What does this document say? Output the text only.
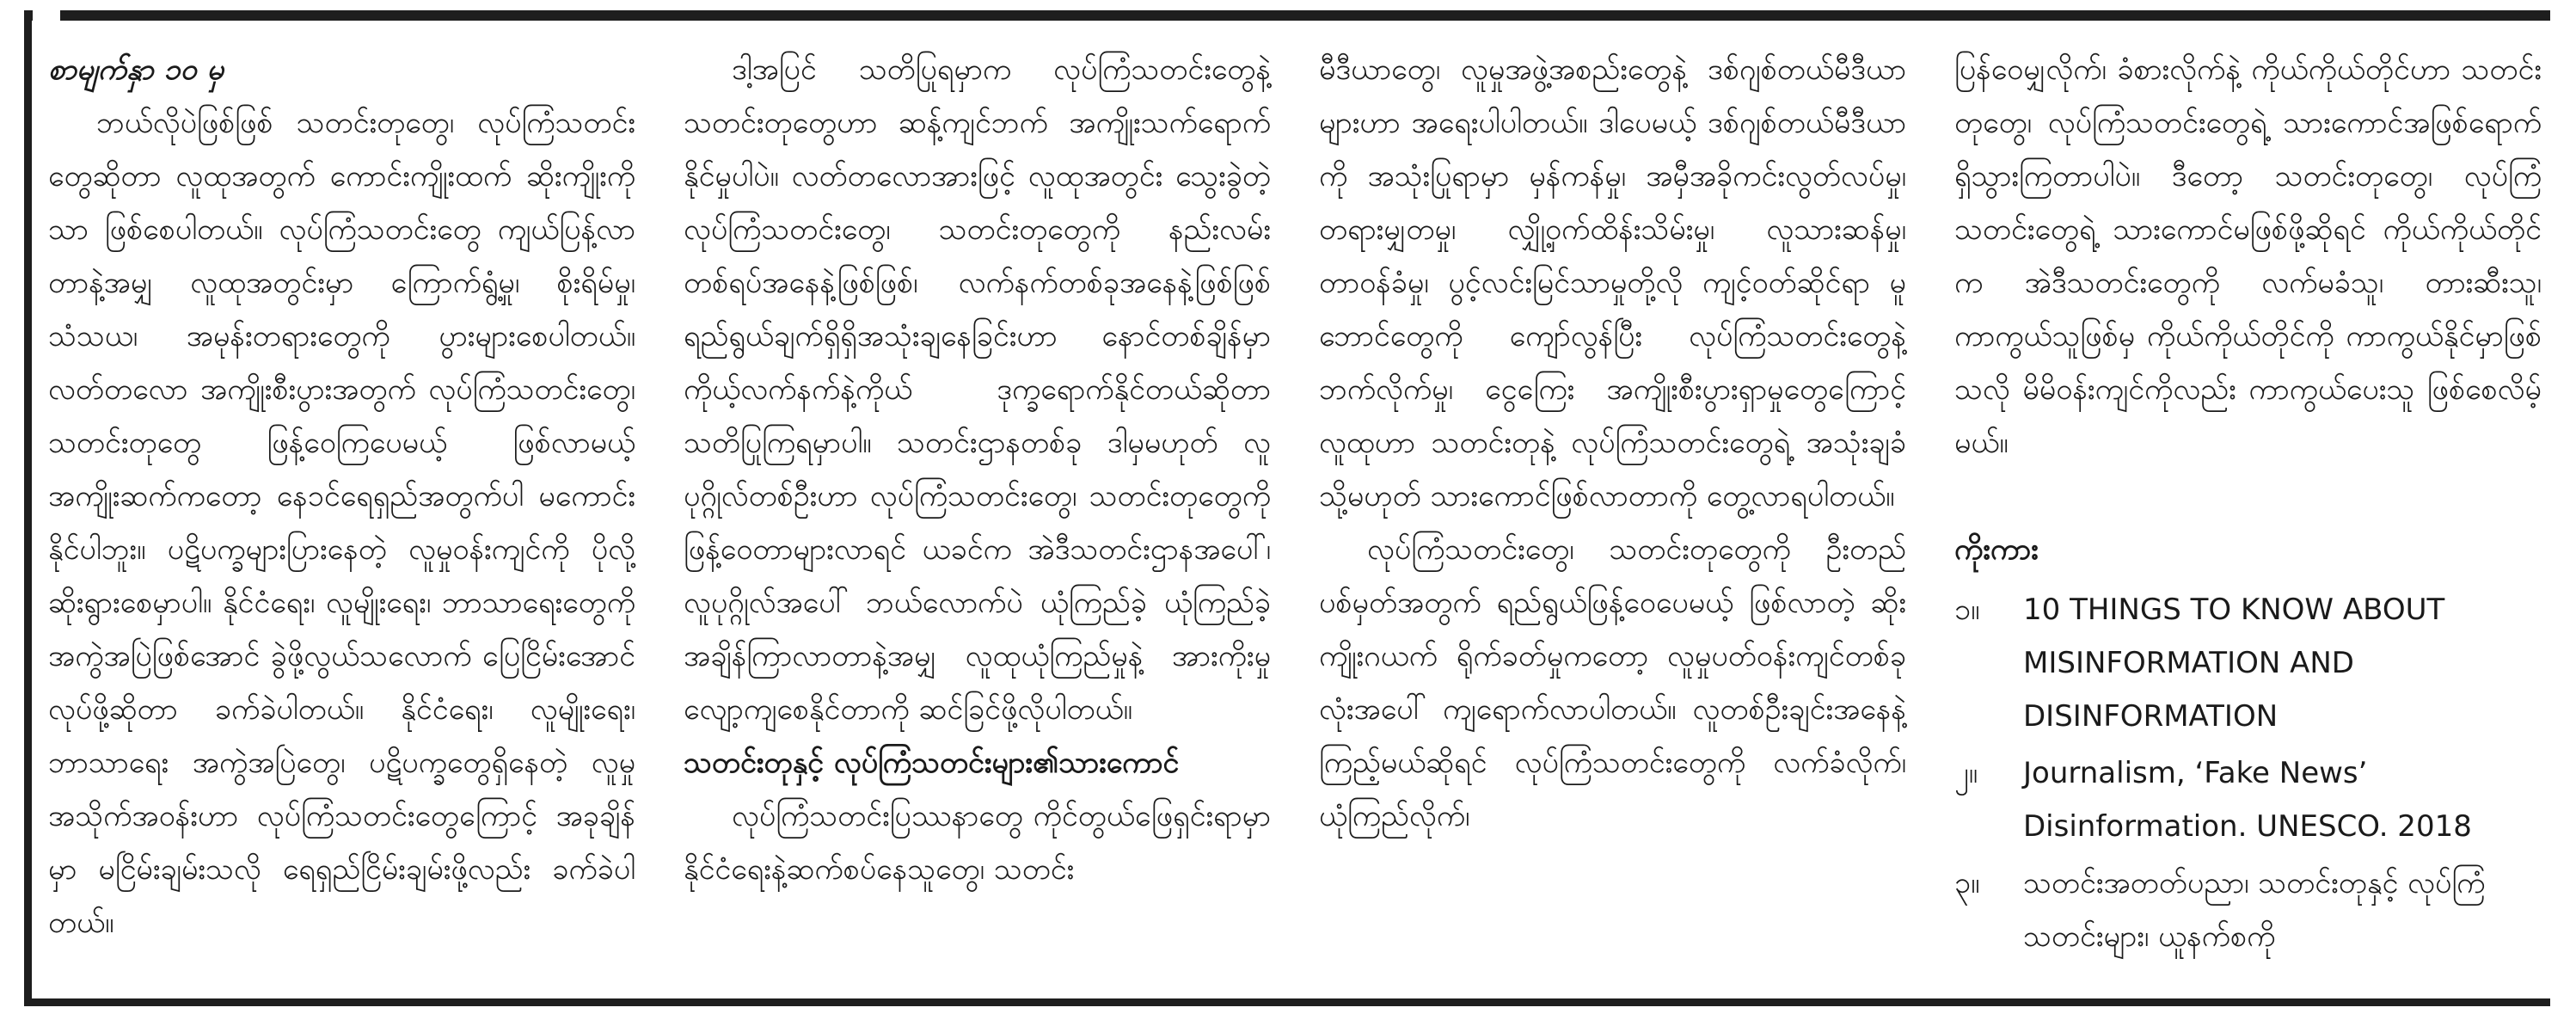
စာမျက်နှာ ၁၀ မှ

ဘယ်လိုပဲဖြစ်ဖြစ် သတင်းတုတွေ၊ လုပ်ကြံသတင်းတွေဆိုတာ လူထုအတွက် ကောင်းကျိုးထက် ဆိုးကျိုးကိုသာ ဖြစ်စေပါတယ်။ လုပ်ကြံသတင်းတွေ ကျယ်ပြန့်လာတာနဲ့အမျှ လူထုအတွင်းမှာ ကြောက်ရွံ့မှု၊ စိုးရိမ်မှု၊ သံသယ၊ အမုန်းတရားတွေကို ပွားများစေပါတယ်။ လတ်တလော အကျိုးစီးပွားအတွက် လုပ်ကြံသတင်းတွေ၊ သတင်းတုတွေ ဖြန့်ဝေကြပေမယ့် ဖြစ်လာမယ့်အကျိုးဆက်ကတော့ နေ၁င်ရေရှည်အတွက်ပါ မကောင်းနိုင်ပါဘူး။ ပဋိပက္ခများပြားနေတဲ့ လူမှုဝန်းကျင်ကို ပိုလို့ဆိုးရွားစေမှာပါ။ နိုင်ငံရေး၊ လူမျိုးရေး၊ ဘာသာရေးတွေကို အကွဲအပြဲဖြစ်အောင် ခွဲဖို့လွယ်သလောက် ပြေငြိမ်းအောင်လုပ်ဖို့ဆိုတာ ခက်ခဲပါတယ်။ နိုင်ငံရေး၊ လူမျိုးရေး၊ ဘာသာရေး အကွဲအပြဲတွေ၊ ပဋိပက္ခတွေရှိနေတဲ့ လူမှုအသိုက်အဝန်းဟာ လုပ်ကြံသတင်းတွေကြောင့် အခုချိန်မှာ မငြိမ်းချမ်းသလို ရေရှည်ငြိမ်းချမ်းဖို့လည်း ခက်ခဲပါတယ်။

ဒါ့အပြင် သတိပြုရမှာက လုပ်ကြံသတင်းတွေနဲ့ သတင်းတုတွေဟာ ဆန့်ကျင်ဘက် အကျိုးသက်ရောက်နိုင်မှုပါပဲ။ လတ်တလောအားဖြင့် လူထုအတွင်း သွေးခွဲတဲ့ လုပ်ကြံသတင်းတွေ၊ သတင်းတုတွေကို နည်းလမ်းတစ်ရပ်အနေနဲ့ဖြစ်ဖြစ်၊ လက်နက်တစ်ခုအနေနဲ့ဖြစ်ဖြစ် ရည်ရွယ်ချက်ရှိရှိအသုံးချနေခြင်းဟာ နောင်တစ်ချိန်မှာ ကိုယ့်လက်နက်နဲ့ကိုယ် ဒုက္ခရောက်နိုင်တယ်ဆိုတာ သတိပြုကြရမှာပါ။ သတင်းဌာနတစ်ခု ဒါမှမဟုတ် လူပုဂ္ဂိုလ်တစ်ဦးဟာ လုပ်ကြံသတင်းတွေ၊ သတင်းတုတွေကို ဖြန့်ဝေတာများလာရင် ယခင်က အဲဒီသတင်းဌာနအပေါ်၊ လူပုဂ္ဂိုလ်အပေါ် ဘယ်လောက်ပဲ ယုံကြည်ခဲ့ ယုံကြည်ခဲ့ အချိန်ကြာလာတာနဲ့အမျှ လူထုယုံကြည်မှုနဲ့ အားကိုးမှု လျော့ကျစေနိုင်တာကို ဆင်ခြင်ဖို့လိုပါတယ်။

သတင်းတုနှင့် လုပ်ကြံသတင်းများ၏သားကောင်

လုပ်ကြံသတင်းပြဿနာတွေ ကိုင်တွယ်ဖြေရှင်းရာမှာ နိုင်ငံရေးနဲ့ဆက်စပ်နေသူတွေ၊ သတင်း

မီဒီယာတွေ၊ လူမှုအဖွဲ့အစည်းတွေနဲ့ ဒစ်ဂျစ်တယ်မီဒီယာများဟာ အရေးပါပါတယ်။ ဒါပေမယ့် ဒစ်ဂျစ်တယ်မီဒီယာကို အသုံးပြုရာမှာ မှန်ကန်မှု၊ အမှီအခိုကင်းလွတ်လပ်မှု၊ တရားမျှတမှု၊ လျှို့ဝှက်ထိန်းသိမ်းမှု၊ လူသားဆန်မှု၊ တာဝန်ခံမှု၊ ပွင့်လင်းမြင်သာမှုတို့လို ကျင့်ဝတ်ဆိုင်ရာ မူဘောင်တွေကို ကျော်လွန်ပြီး လုပ်ကြံသတင်းတွေနဲ့ ဘက်လိုက်မှု၊ ငွေကြေး အကျိုးစီးပွားရှာမှုတွေကြောင့် လူထုဟာ သတင်းတုနဲ့ လုပ်ကြံသတင်းတွေရဲ့ အသုံးချခံ သို့မဟုတ် သားကောင်ဖြစ်လာတာကို တွေ့လာရပါတယ်။

လုပ်ကြံသတင်းတွေ၊ သတင်းတုတွေကို ဦးတည်ပစ်မှတ်အတွက် ရည်ရွယ်ဖြန့်ဝေပေမယ့် ဖြစ်လာတဲ့ ဆိုးကျိုးဂယက် ရိုက်ခတ်မှုကတော့ လူမှုပတ်ဝန်းကျင်တစ်ခုလုံးအပေါ် ကျရောက်လာပါတယ်။ လူတစ်ဦးချင်းအနေနဲ့ကြည့်မယ်ဆိုရင် လုပ်ကြံသတင်းတွေကို လက်ခံလိုက်၊ ယုံကြည်လိုက်၊

ပြန်ဝေမျှလိုက်၊ ခံစားလိုက်နဲ့ ကိုယ်ကိုယ်တိုင်ဟာ သတင်းတုတွေ၊ လုပ်ကြံသတင်းတွေရဲ့ သားကောင်အဖြစ်ရောက်ရှိသွားကြတာပါပဲ။ ဒီတော့ သတင်းတုတွေ၊ လုပ်ကြံသတင်းတွေရဲ့ သားကောင်မဖြစ်ဖို့ဆိုရင် ကိုယ်ကိုယ်တိုင်က အဲဒီသတင်းတွေကို လက်မခံသူ၊ တားဆီးသူ၊ ကာကွယ်သူဖြစ်မှ ကိုယ်ကိုယ်တိုင်ကို ကာကွယ်နိုင်မှာဖြစ်သလို မိမိဝန်းကျင်ကိုလည်း ကာကွယ်ပေးသူ ဖြစ်စေလိမ့်မယ်။

ကိုးကား

၁။	10 THINGS TO KNOW ABOUT MISINFORMATION AND DISINFORMATION
၂။	Journalism, ‘Fake News’ Disinformation. UNESCO. 2018
၃။	သတင်းအတတ်ပညာ၊ သတင်းတုနှင့် လုပ်ကြံသတင်းများ၊ ယူနက်စကို
